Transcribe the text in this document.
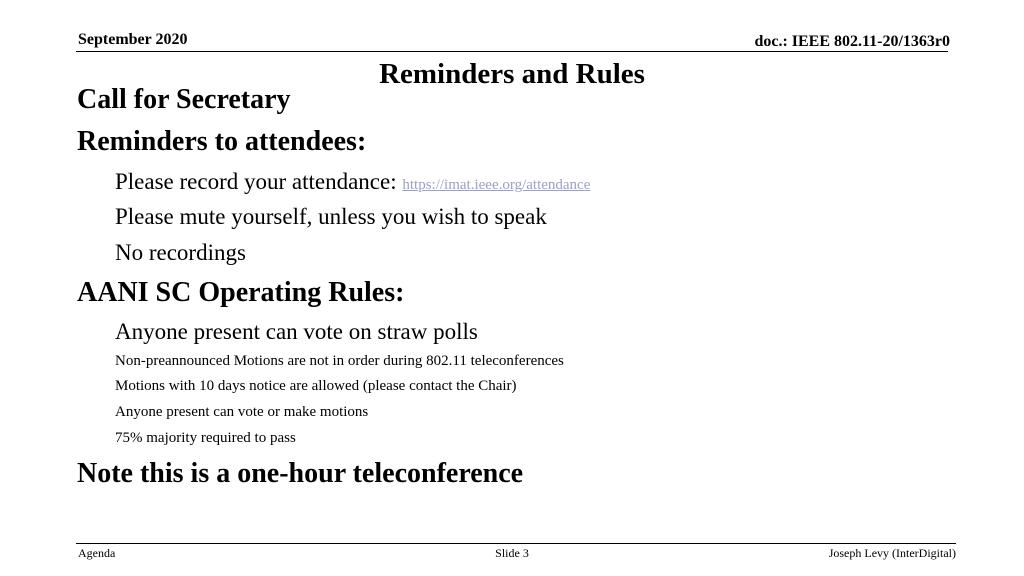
September 2020	doc.: IEEE 802.11-20/1363r0
Reminders and Rules
Call for Secretary
Reminders to attendees:
Please record your attendance: https://imat.ieee.org/attendance
Please mute yourself, unless you wish to speak
No recordings
AANI SC Operating Rules:
Anyone present can vote on straw polls
Non-preannounced Motions are not in order during 802.11 teleconferences
Motions with 10 days notice are allowed (please contact the Chair)
Anyone present can vote or make motions
75% majority required to pass
Note this is a one-hour teleconference
Agenda	Slide 3	Joseph Levy (InterDigital)
